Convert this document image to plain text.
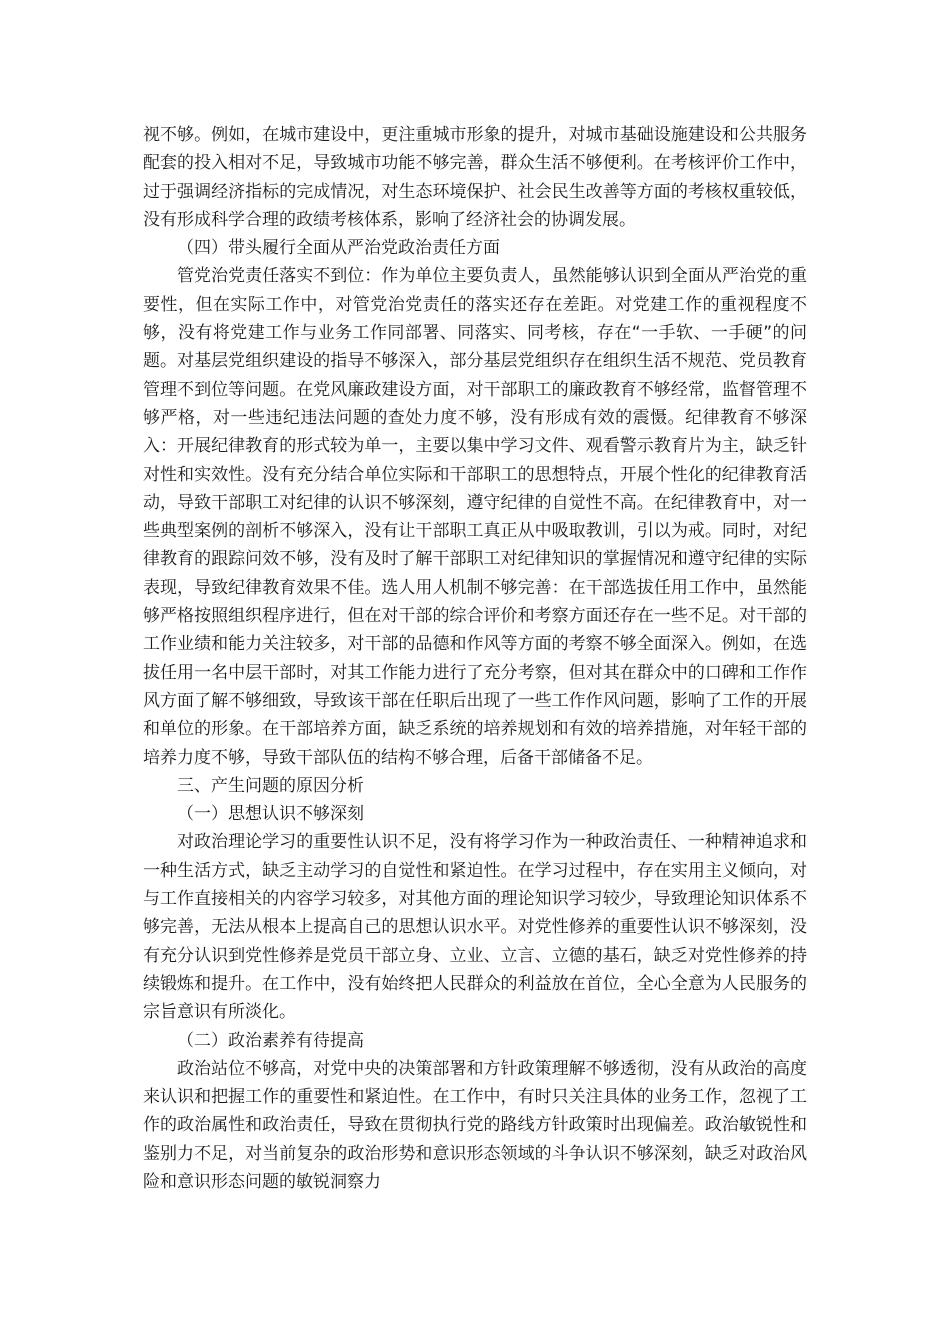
视不够。例如，在城市建设中，更注重城市形象的提升，对城市基础设施建设和公共服务配套的投入相对不足，导致城市功能不够完善，群众生活不够便利。在考核评价工作中，过于强调经济指标的完成情况，对生态环境保护、社会民生改善等方面的考核权重较低，没有形成科学合理的政绩考核体系，影响了经济社会的协调发展。

（四）带头履行全面从严治党政治责任方面

管党治党责任落实不到位：作为单位主要负责人，虽然能够认识到全面从严治党的重要性，但在实际工作中，对管党治党责任的落实还存在差距。对党建工作的重视程度不够，没有将党建工作与业务工作同部署、同落实、同考核，存在“一手软、一手硬”的问题。对基层党组织建设的指导不够深入，部分基层党组织存在组织生活不规范、党员教育管理不到位等问题。在党风廉政建设方面，对干部职工的廉政教育不够经常，监督管理不够严格，对一些违纪违法问题的查处力度不够，没有形成有效的震慑。纪律教育不够深入：开展纪律教育的形式较为单一，主要以集中学习文件、观看警示教育片为主，缺乏针对性和实效性。没有充分结合单位实际和干部职工的思想特点，开展个性化的纪律教育活动，导致干部职工对纪律的认识不够深刻，遵守纪律的自觉性不高。在纪律教育中，对一些典型案例的剖析不够深入，没有让干部职工真正从中吸取教训，引以为戒。同时，对纪律教育的跟踪问效不够，没有及时了解干部职工对纪律知识的掌握情况和遵守纪律的实际表现，导致纪律教育效果不佳。选人用人机制不够完善：在干部选拔任用工作中，虽然能够严格按照组织程序进行，但在对干部的综合评价和考察方面还存在一些不足。对干部的工作业绩和能力关注较多，对干部的品德和作风等方面的考察不够全面深入。例如，在选拔任用一名中层干部时，对其工作能力进行了充分考察，但对其在群众中的口碑和工作作风方面了解不够细致，导致该干部在任职后出现了一些工作作风问题，影响了工作的开展和单位的形象。在干部培养方面，缺乏系统的培养规划和有效的培养措施，对年轻干部的培养力度不够，导致干部队伍的结构不够合理，后备干部储备不足。

三、产生问题的原因分析

（一）思想认识不够深刻

对政治理论学习的重要性认识不足，没有将学习作为一种政治责任、一种精神追求和一种生活方式，缺乏主动学习的自觉性和紧迫性。在学习过程中，存在实用主义倾向，对与工作直接相关的内容学习较多，对其他方面的理论知识学习较少，导致理论知识体系不够完善，无法从根本上提高自己的思想认识水平。对党性修养的重要性认识不够深刻，没有充分认识到党性修养是党员干部立身、立业、立言、立德的基石，缺乏对党性修养的持续锻炼和提升。在工作中，没有始终把人民群众的利益放在首位，全心全意为人民服务的宗旨意识有所淡化。

（二）政治素养有待提高

政治站位不够高，对党中央的决策部署和方针政策理解不够透彻，没有从政治的高度来认识和把握工作的重要性和紧迫性。在工作中，有时只关注具体的业务工作，忽视了工作的政治属性和政治责任，导致在贯彻执行党的路线方针政策时出现偏差。政治敏锐性和鉴别力不足，对当前复杂的政治形势和意识形态领域的斗争认识不够深刻，缺乏对政治风险和意识形态问题的敏锐洞察力
